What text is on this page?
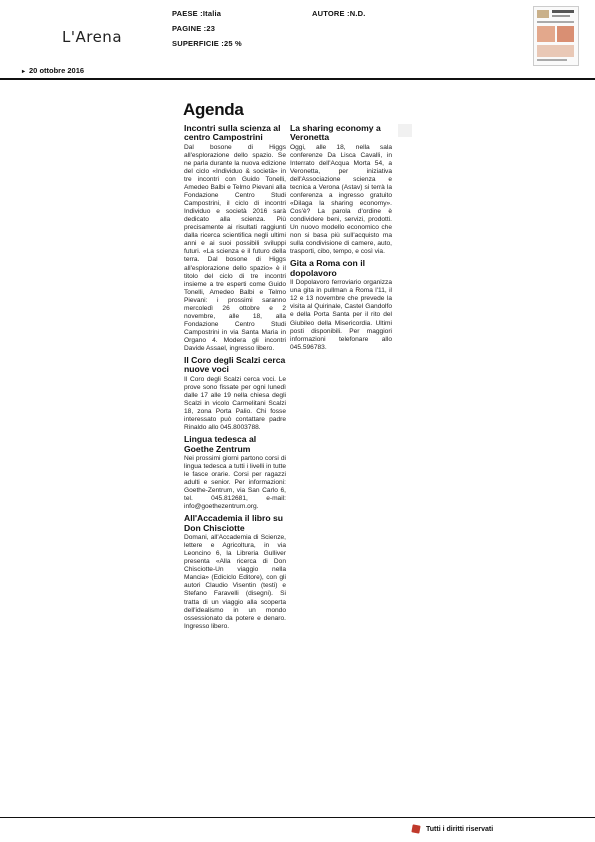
L'Arena
PAESE :Italia
PAGINE :23
SUPERFICIE :25 %
AUTORE :N.D.
▸ 20 ottobre 2016
Agenda
Incontri sulla scienza al centro Campostrini

Dal bosone di Higgs all'esplorazione dello spazio. Se ne parla durante la nuova edizione del ciclo «Individuo & società» in tre incontri con Guido Tonelli, Amedeo Balbi e Telmo Pievani alla Fondazione Centro Studi Campostrini, il ciclo di incontri Individuo e società 2016 sarà dedicato alla scienza. Più precisamente ai risultati raggiunti dalla ricerca scientifica negli ultimi anni e ai suoi possibili sviluppi futuri. «La scienza e il futuro della terra. Dal bosone di Higgs all'esplorazione dello spazio» è il titolo del ciclo di tre incontri insieme a tre esperti come Guido Tonelli, Amedeo Balbi e Telmo Pievani: i prossimi saranno mercoledì 26 ottobre e 2 novembre, alle 18, alla Fondazione Centro Studi Campostrini in via Santa Maria in Organo 4. Modera gli incontri Davide Assael, ingresso libero.

Il Coro degli Scalzi cerca nuove voci

Il Coro degli Scalzi cerca voci. Le prove sono fissate per ogni lunedì dalle 17 alle 19 nella chiesa degli Scalzi in vicolo Carmelitani Scalzi 18, zona Porta Palio. Chi fosse interessato può contattare padre Rinaldo allo 045.8003788.

Lingua tedesca al Goethe Zentrum

Nei prossimi giorni partono corsi di lingua tedesca a tutti i livelli in tutte le fasce orarie. Corsi per ragazzi adulti e senior. Per informazioni: Goethe-Zentrum, via San Carlo 6, tel. 045.812681, e-mail: info@goethezentrum.org.

All'Accademia il libro su Don Chisciotte

Domani, all'Accademia di Scienze, lettere e Agricoltura, in via Leoncino 6, la Libreria Gulliver presenta «Alla ricerca di Don Chisciotte-Un viaggio nella Mancia» (Ediciclo Editore), con gli autori Claudio Visentin (testi) e Stefano Faravelli (disegni). Si tratta di un viaggio alla scoperta dell'idealismo in un mondo ossessionato da potere e denaro. Ingresso libero.

La sharing economy a Veronetta

Oggi, alle 18, nella sala conferenze Da Lisca Cavalli, in Interrato dell'Acqua Morta 54, a Veronetta, per iniziativa dell'Associazione scienza e tecnica a Verona (Astav) si terrà la conferenza a ingresso gratuito «Dilaga la sharing economy». Cos'è? La parola d'ordine è condividere beni, servizi, prodotti. Un nuovo modello economico che non si basa più sull'acquisto ma sulla condivisione di camere, auto, trasporti, cibo, tempo, e così via.

Gita a Roma con il dopolavoro

Il Dopolavoro ferroviario organizza una gita in pullman a Roma l'11, il 12 e 13 novembre che prevede la visita al Quirinale, Castel Gandolfo e della Porta Santa per il rito del Giubileo della Misericordia. Ultimi posti disponibili. Per maggiori informazioni telefonare allo 045.596783.

Tutti i diritti riservati
